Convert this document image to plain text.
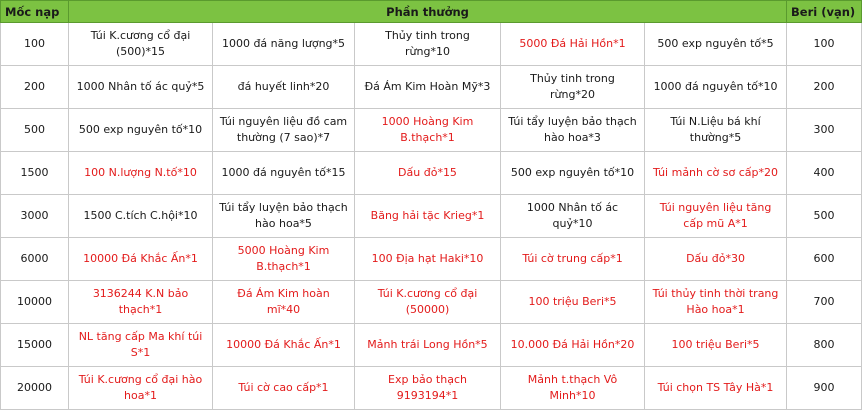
Mốc nạp	Phần thưởng					Beri (vạn)
100	Túi K.cương cổ đại (500)*15	1000 đá năng lượng*5	Thủy tinh trong rừng*10	5000 Đá Hải Hồn*1	500 exp nguyên tố*5	100
200	1000 Nhân tố ác quỷ*5	đá huyết linh*20	Đá Ám Kim Hoàn Mỹ*3	Thủy tinh trong rừng*20	1000 đá nguyên tố*10	200
500	500 exp nguyên tố*10	Túi nguyên liệu đồ cam thường (7 sao)*7	1000 Hoàng Kim B.thạch*1	Túi tẩy luyện bảo thạch hào hoa*3	Túi N.Liệu bá khí thường*5	300
1500	100 N.lượng N.tố*10	1000 đá nguyên tố*15	Dấu đỏ*15	500 exp nguyên tố*10	Túi mảnh cờ sơ cấp*20	400
3000	1500 C.tích C.hội*10	Túi tẩy luyện bảo thạch hào hoa*5	Băng hải tặc Krieg*1	1000 Nhân tố ác quỷ*10	Túi nguyên liệu tăng cấp mũ A*1	500
6000	10000 Đá Khắc Ấn*1	5000 Hoàng Kim B.thạch*1	100 Địa hạt Haki*10	Túi cờ trung cấp*1	Dấu đỏ*30	600
10000	3136244 K.N bảo thạch*1	Đá Ám Kim hoàn mĩ*40	Túi K.cương cổ đại (50000)	100 triệu Beri*5	Túi thủy tinh thời trang Hào hoa*1	700
15000	NL tăng cấp Ma khí túi S*1	10000 Đá Khắc Ấn*1	Mảnh trái Long Hồn*5	10.000 Đá Hải Hồn*20	100 triệu Beri*5	800
20000	Túi K.cương cổ đại hào hoa*1	Túi cờ cao cấp*1	Exp bảo thạch 9193194*1	Mảnh t.thạch Vô Minh*10	Túi chọn TS Tây Hà*1	900
